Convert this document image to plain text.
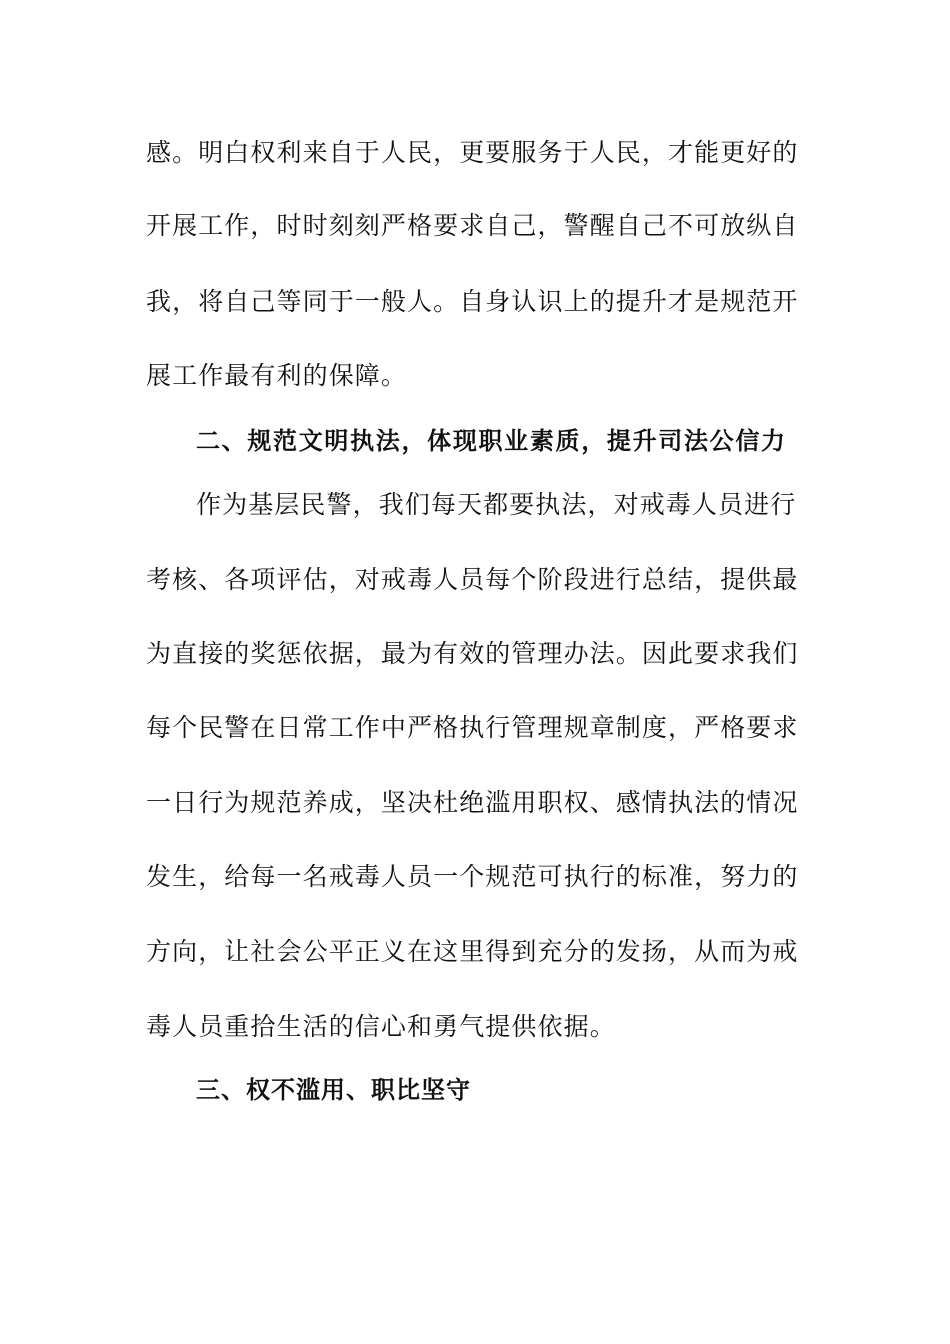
感。明白权利来自于人民，更要服务于人民，才能更好的
开展工作，时时刻刻严格要求自己，警醒自己不可放纵自
我，将自己等同于一般人。自身认识上的提升才是规范开
展工作最有利的保障。
二、规范文明执法，体现职业素质，提升司法公信力
作为基层民警，我们每天都要执法，对戒毒人员进行
考核、各项评估，对戒毒人员每个阶段进行总结，提供最
为直接的奖惩依据，最为有效的管理办法。因此要求我们
每个民警在日常工作中严格执行管理规章制度，严格要求
一日行为规范养成，坚决杜绝滥用职权、感情执法的情况
发生，给每一名戒毒人员一个规范可执行的标准，努力的
方向，让社会公平正义在这里得到充分的发扬，从而为戒
毒人员重拾生活的信心和勇气提供依据。
三、权不滥用、职比坚守
